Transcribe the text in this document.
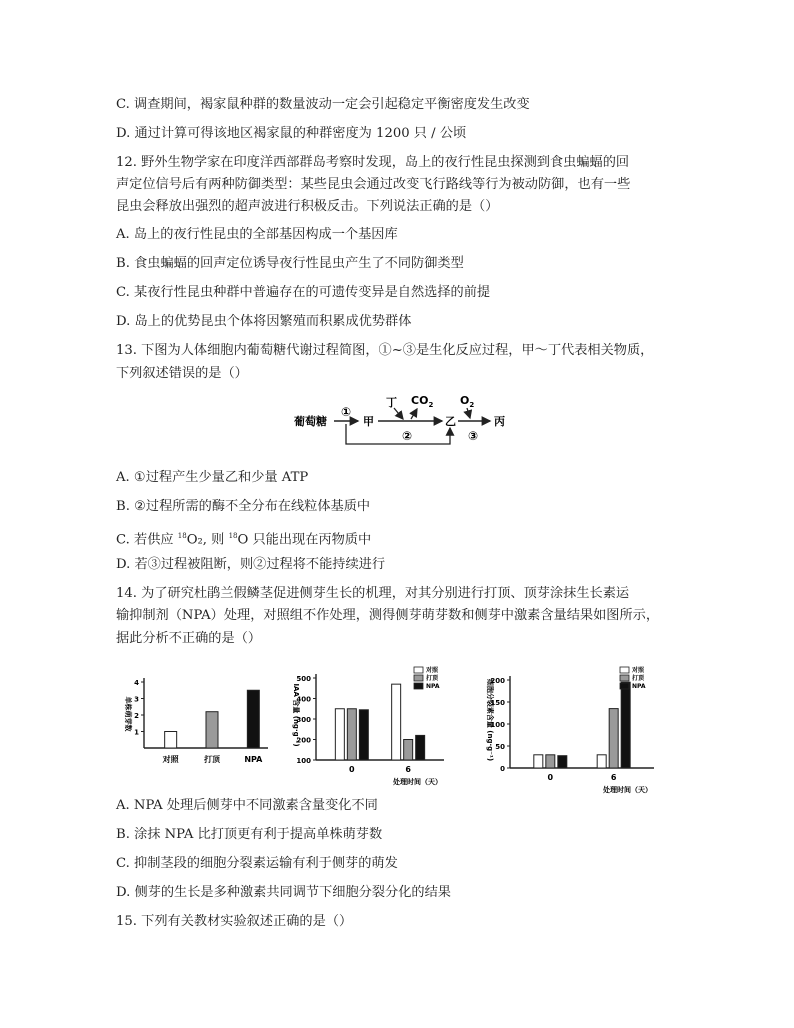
C. 调查期间，褐家鼠种群的数量波动一定会引起稳定平衡密度发生改变
D. 通过计算可得该地区褐家鼠的种群密度为 1200 只 / 公顷
12. 野外生物学家在印度洋西部群岛考察时发现，岛上的夜行性昆虫探测到食虫蝙蝠的回
声定位信号后有两种防御类型：某些昆虫会通过改变飞行路线等行为被动防御，也有一些
昆虫会释放出强烈的超声波进行积极反击。下列说法正确的是（）
A. 岛上的夜行性昆虫的全部基因构成一个基因库
B. 食虫蝙蝠的回声定位诱导夜行性昆虫产生了不同防御类型
C. 某夜行性昆虫种群中普遍存在的可遗传变异是自然选择的前提
D. 岛上的优势昆虫个体将因繁殖而积累成优势群体
13. 下图为人体细胞内葡萄糖代谢过程简图，①~③是生化反应过程，甲～丁代表相关物质，
下列叙述错误的是（）
葡萄糖
①
甲
②
丁 $CO_2$
乙
$O_2$
③
丙
A. ①过程产生少量乙和少量 ATP
B. ②过程所需的酶不全分布在线粒体基质中
C. 若供应 $^{18}$O₂, 则 $^{18}$O 只能出现在丙物质中
D. 若③过程被阻断，则②过程将不能持续进行
14. 为了研究杜鹃兰假鳞茎促进侧芽生长的机理，对其分别进行打顶、顶芽涂抹生长素运
输抑制剂（NPA）处理，对照组不作处理，测得侧芽萌芽数和侧芽中激素含量结果如图所示，
据此分析不正确的是（）
1
2
3
4
单株萌芽数
对照	打顶	NPA	100
200
300
400
500
IAA 含量 (ng·g⁻¹)
0	6
处理时间（天）
对照
打顶
NPA
0
50
100
150
200
细胞分裂素含量 (ng·g⁻¹)
0	6
处理时间（天）
对照
打顶
NPA
A. NPA 处理后侧芽中不同激素含量变化不同
B. 涂抹 NPA 比打顶更有利于提高单株萌芽数
C. 抑制茎段的细胞分裂素运输有利于侧芽的萌发
D. 侧芽的生长是多种激素共同调节下细胞分裂分化的结果
15. 下列有关教材实验叙述正确的是（）
